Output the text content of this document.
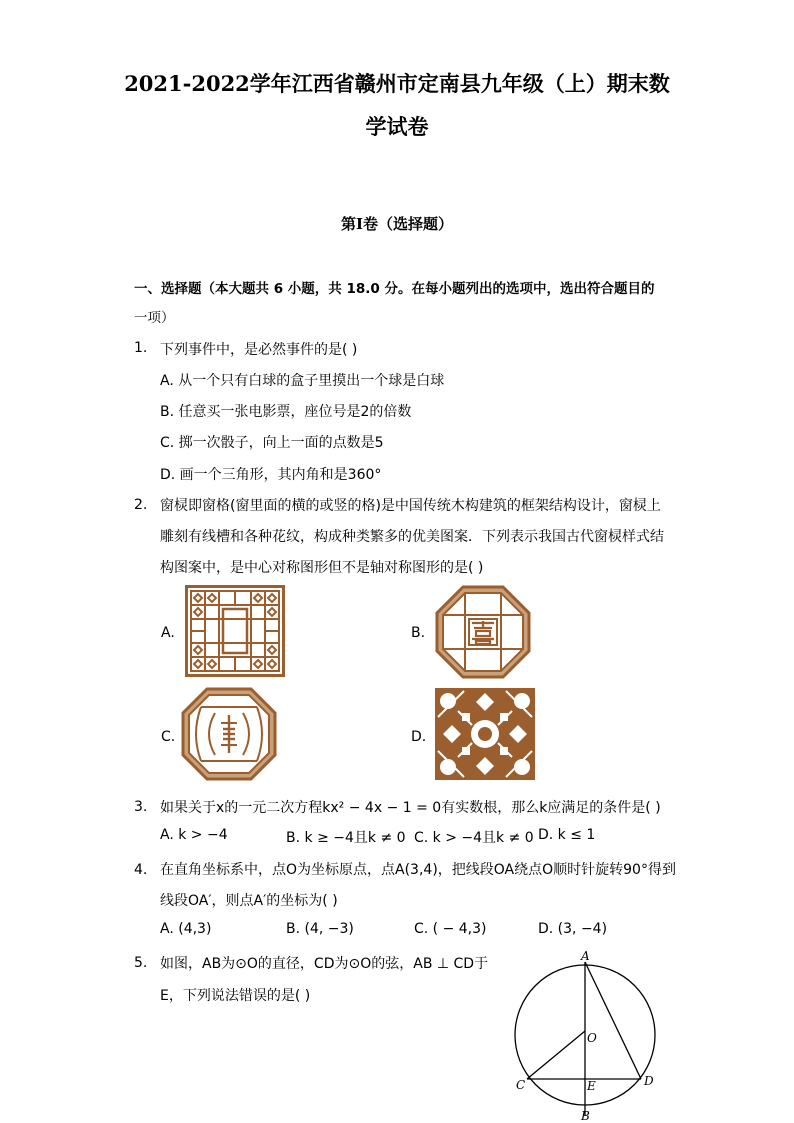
2021-2022学年江西省赣州市定南县九年级（上）期末数
学试卷
第I卷（选择题）
一、选择题（本大题共 6 小题，共 18.0 分。在每小题列出的选项中，选出符合题目的
一项）
1. 下列事件中，是必然事件的是( )
A. 从一个只有白球的盒子里摸出一个球是白球
B. 任意买一张电影票，座位号是2的倍数
C. 掷一次骰子，向上一面的点数是5
D. 画一个三角形，其内角和是360°
2. 窗棂即窗格(窗里面的横的或竖的格)是中国传统木构建筑的框架结构设计，窗棂上
雕刻有线槽和各种花纹，构成种类繁多的优美图案．下列表示我国古代窗棂样式结
构图案中，是中心对称图形但不是轴对称图形的是( )
A.	B.
C.	D.
3. 如果关于x的一元二次方程kx² − 4x − 1 = 0有实数根，那么k应满足的条件是( )
A. k > −4	B. k ≥ −4且k ≠ 0 C. k > −4且k ≠ 0 D. k ≤ 1
4. 在直角坐标系中，点O为坐标原点，点A(3,4)，把线段OA绕点O顺时针旋转90°得到
线段OA′，则点A′的坐标为( )
A. (4,3)	B. (4, −3)	C. ( − 4,3)	D. (3, −4)
5. 如图，AB为⊙O的直径，CD为⊙O的弦，AB ⊥ CD于
E，下列说法错误的是( )
A
O
C	E	D
B
